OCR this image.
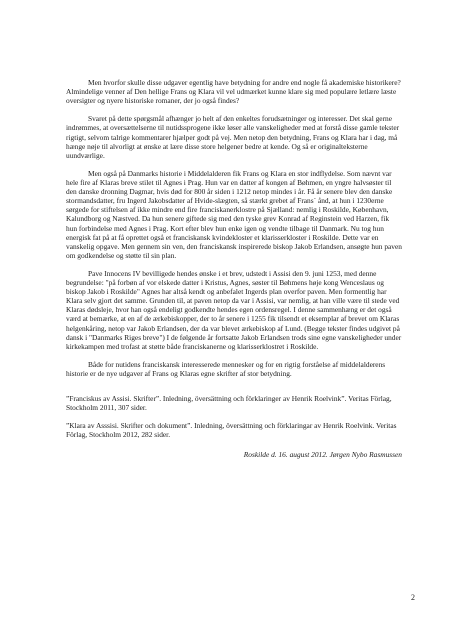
Men hvorfor skulle disse udgaver egentlig have betydning for andre end nogle få akademiske historikere? Almindelige venner af Den hellige Frans og Klara vil vel udmærket kunne klare sig med populære letlære læste oversigter og nyere historiske romaner, der jo også findes?

Svaret på dette spørgsmål afhænger jo helt af den enkeltes forudsætninger og interesser. Det skal gerne indrømmes, at oversættelserne til nutidssprogene ikke løser alle vanskeligheder med at forstå disse gamle tekster rigtigt, selvom talrige kommentarer hjælper godt på vej. Men netop den betydning, Frans og Klara har i dag, må hænge nøje til alvorligt at ønske at lære disse store helgener bedre at kende. Og så er originalteksterne uundværlige.

Men også på Danmarks historie i Middelalderen fik Frans og Klara en stor indflydelse. Som nævnt var hele fire af Klaras breve stilet til Agnes i Prag. Hun var en datter af kongen af Bøhmen, en yngre halvsøster til den danske dronning Dagmar, hvis død for 800 år siden i 1212 netop mindes i år. Få år senere blev den danske stormandsdatter, fru Ingerd Jakobsdatter af Hvide-slægten, så stærkt grebet af Frans´ ånd, at hun i 1230erne sørgede for stiftelsen af ikke mindre end fire franciskanerklostre på Sjælland: nemlig i Roskilde, København, Kalundborg og Næstved. Da hun senere giftede sig med den tyske grev Konrad af Reginstein ved Harzen, fik hun forbindelse med Agnes i Prag. Kort efter blev hun enke igen og vendte tilbage til Danmark. Nu tog hun energisk fat på at få oprettet også et franciskansk kvindekloster et klarisserkloster i Roskilde. Dette var en vanskelig opgave. Men gennem sin ven, den franciskansk inspirerede biskop Jakob Erlandsen, ansøgte hun paven om godkendelse og støtte til sin plan.

Pave Innocens IV bevilligede hendes ønske i et brev, udstedt i Assisi den 9. juni 1253, med denne begrundelse: "på forbøn af vor elskede datter i Kristus, Agnes, søster til Bøhmens høje kong Wenceslaus og biskop Jakob i Roskilde" Agnes har altså kendt og anbefalet Ingerds plan overfor paven. Men formentlig har Klara selv gjort det samme. Grunden til, at paven netop da var i Assisi, var nemlig, at han ville være til stede ved Klaras dødsleje, hvor han også endeligt godkendte hendes egen ordensregel. I denne sammenhæng er det også værd at bemærke, at en af de ærkebiskopper, der to år senere i 1255 fik tilsendt et eksemplar af brevet om Klaras helgenkåring, netop var Jakob Erlandsen, der da var blevet ærkebiskop af Lund. (Begge tekster findes udgivet på dansk i "Danmarks Riges breve") I de følgende år fortsatte Jakob Erlandsen trods sine egne vanskeligheder under kirkekampen med trofast at støtte både franciskanerne og klarisserklostret i Roskilde.

Både for nutidens franciskansk interesserede mennesker og for en rigtig forståelse af middelalderens historie er de nye udgaver af Frans og Klaras egne skrifter af stor betydning.

”Franciskus av Assisi. Skrifter”. Inledning, översättning och förklaringer av Henrik Roelvink”. Veritas Förlag, Stockholm 2011, 307 sider.

”Klara av Asssisi. Skrifter och dokument”. Inledning, översättning och förklaringar av Henrik Roelvink. Veritas Förlag, Stockholm 2012, 282 sider.

Roskilde d. 16. august 2012. Jørgen Nybo Rasmussen

2
